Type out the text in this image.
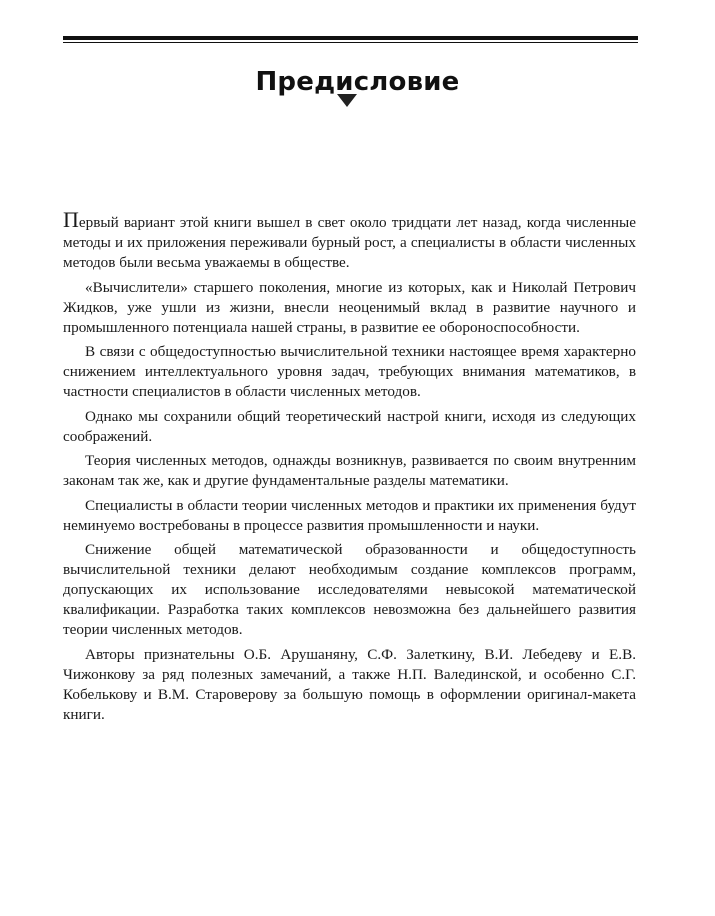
Предисловие

Первый вариант этой книги вышел в свет около тридцати лет назад, когда численные методы и их приложения переживали бурный рост, а специалисты в области численных методов были весьма уважаемы в обществе.

«Вычислители» старшего поколения, многие из которых, как и Николай Петрович Жидков, уже ушли из жизни, внесли неоценимый вклад в развитие научного и промышленного потенциала нашей страны, в развитие ее обороноспособности.

В связи с общедоступностью вычислительной техники настоящее время характерно снижением интеллектуального уровня задач, требующих внимания математиков, в частности специалистов в области численных методов.

Однако мы сохранили общий теоретический настрой книги, исходя из следующих соображений.

Теория численных методов, однажды возникнув, развивается по своим внутренним законам так же, как и другие фундаментальные разделы математики.

Специалисты в области теории численных методов и практики их применения будут неминуемо востребованы в процессе развития промышленности и науки.

Снижение общей математической образованности и общедоступность вычислительной техники делают необходимым создание комплексов программ, допускающих их использование исследователями невысокой математической квалификации. Разработка таких комплексов невозможна без дальнейшего развития теории численных методов.

Авторы признательны О.Б. Арушаняну, С.Ф. Залеткину, В.И. Лебедеву и Е.В. Чижонкову за ряд полезных замечаний, а также Н.П. Валединской, и особенно С.Г. Кобелькову и В.М. Староверову за большую помощь в оформлении оригинал-макета книги.
